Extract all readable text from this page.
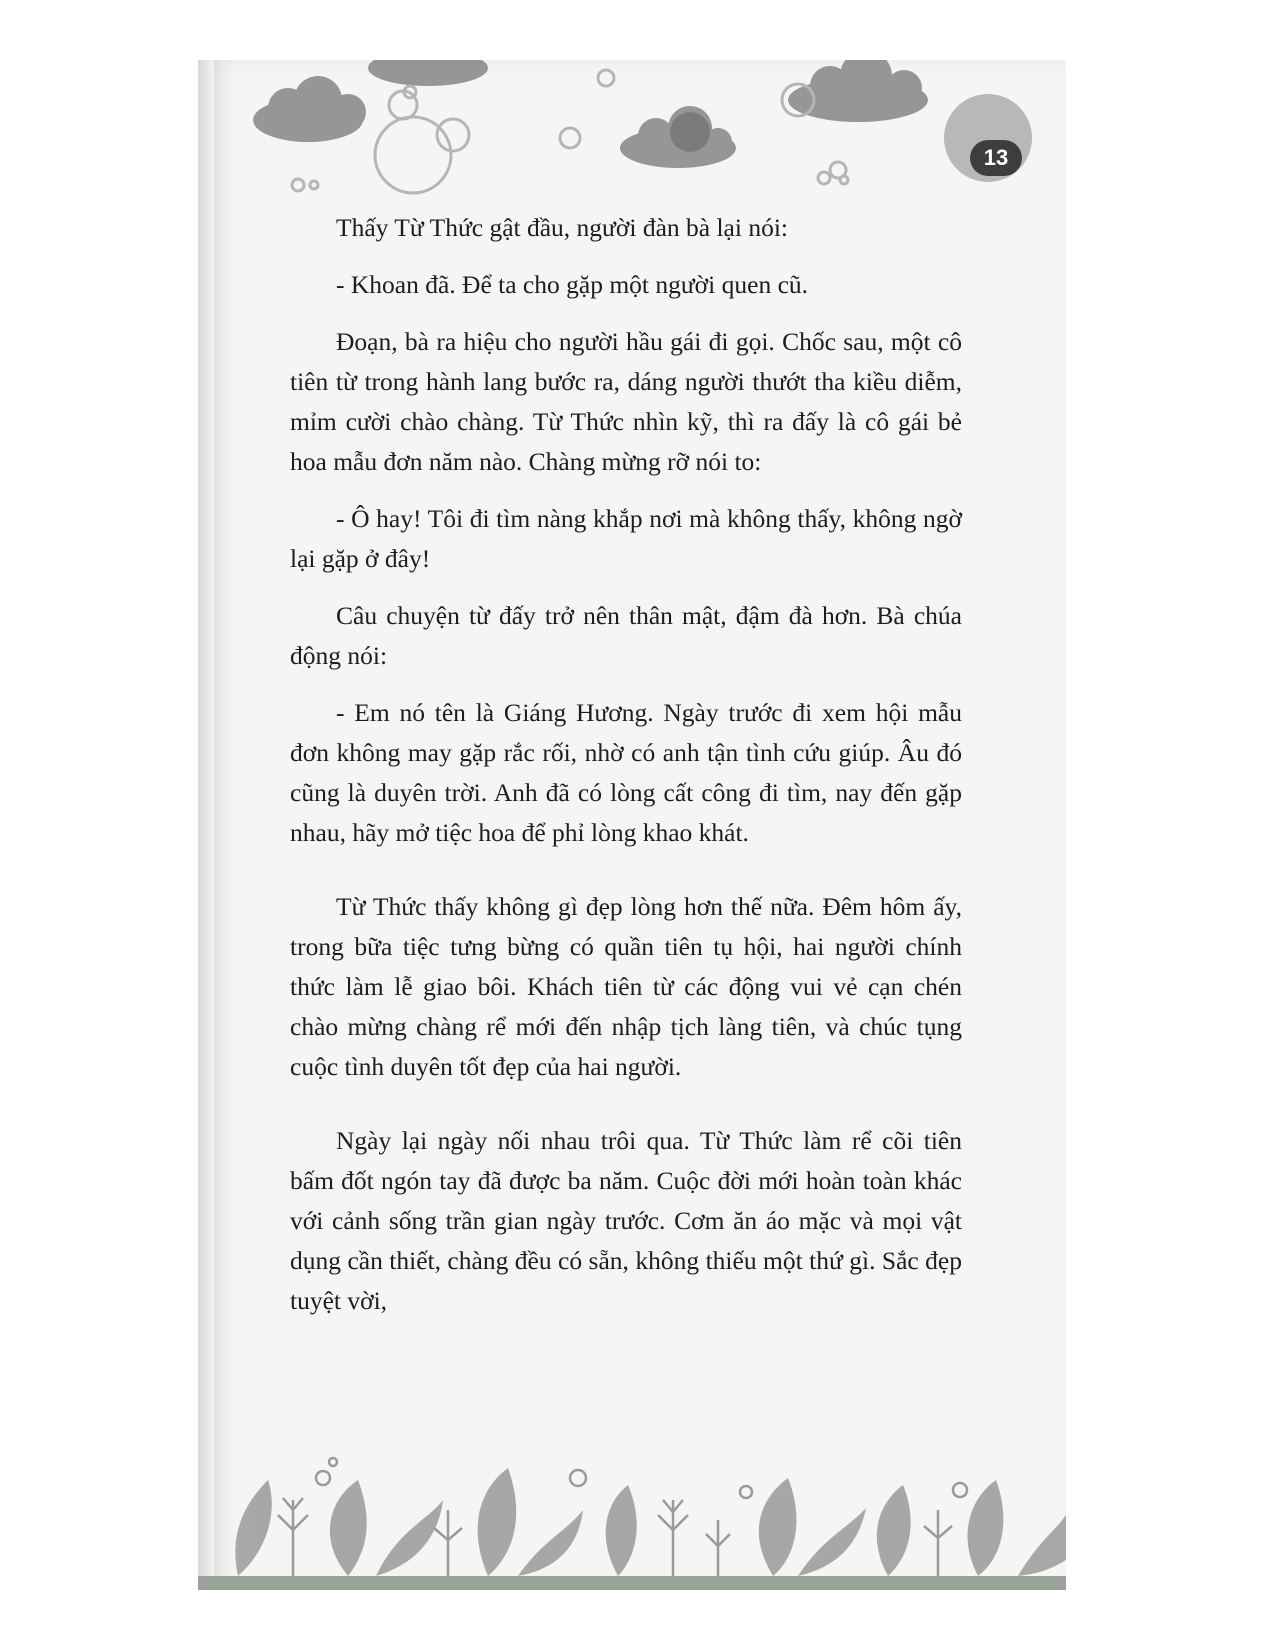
13

Thấy Từ Thức gật đầu, người đàn bà lại nói:

- Khoan đã. Để ta cho gặp một người quen cũ.

Đoạn, bà ra hiệu cho người hầu gái đi gọi. Chốc sau, một cô tiên từ trong hành lang bước ra, dáng người thướt tha kiều diễm, mỉm cười chào chàng. Từ Thức nhìn kỹ, thì ra đấy là cô gái bẻ hoa mẫu đơn năm nào. Chàng mừng rỡ nói to:

- Ô hay! Tôi đi tìm nàng khắp nơi mà không thấy, không ngờ lại gặp ở đây!

Câu chuyện từ đấy trở nên thân mật, đậm đà hơn. Bà chúa động nói:

- Em nó tên là Giáng Hương. Ngày trước đi xem hội mẫu đơn không may gặp rắc rối, nhờ có anh tận tình cứu giúp. Âu đó cũng là duyên trời. Anh đã có lòng cất công đi tìm, nay đến gặp nhau, hãy mở tiệc hoa để phỉ lòng khao khát.

Từ Thức thấy không gì đẹp lòng hơn thế nữa. Đêm hôm ấy, trong bữa tiệc tưng bừng có quần tiên tụ hội, hai người chính thức làm lễ giao bôi. Khách tiên từ các động vui vẻ cạn chén chào mừng chàng rể mới đến nhập tịch làng tiên, và chúc tụng cuộc tình duyên tốt đẹp của hai người.

Ngày lại ngày nối nhau trôi qua. Từ Thức làm rể cõi tiên bấm đốt ngón tay đã được ba năm. Cuộc đời mới hoàn toàn khác với cảnh sống trần gian ngày trước. Cơm ăn áo mặc và mọi vật dụng cần thiết, chàng đều có sẵn, không thiếu một thứ gì. Sắc đẹp tuyệt vời,
